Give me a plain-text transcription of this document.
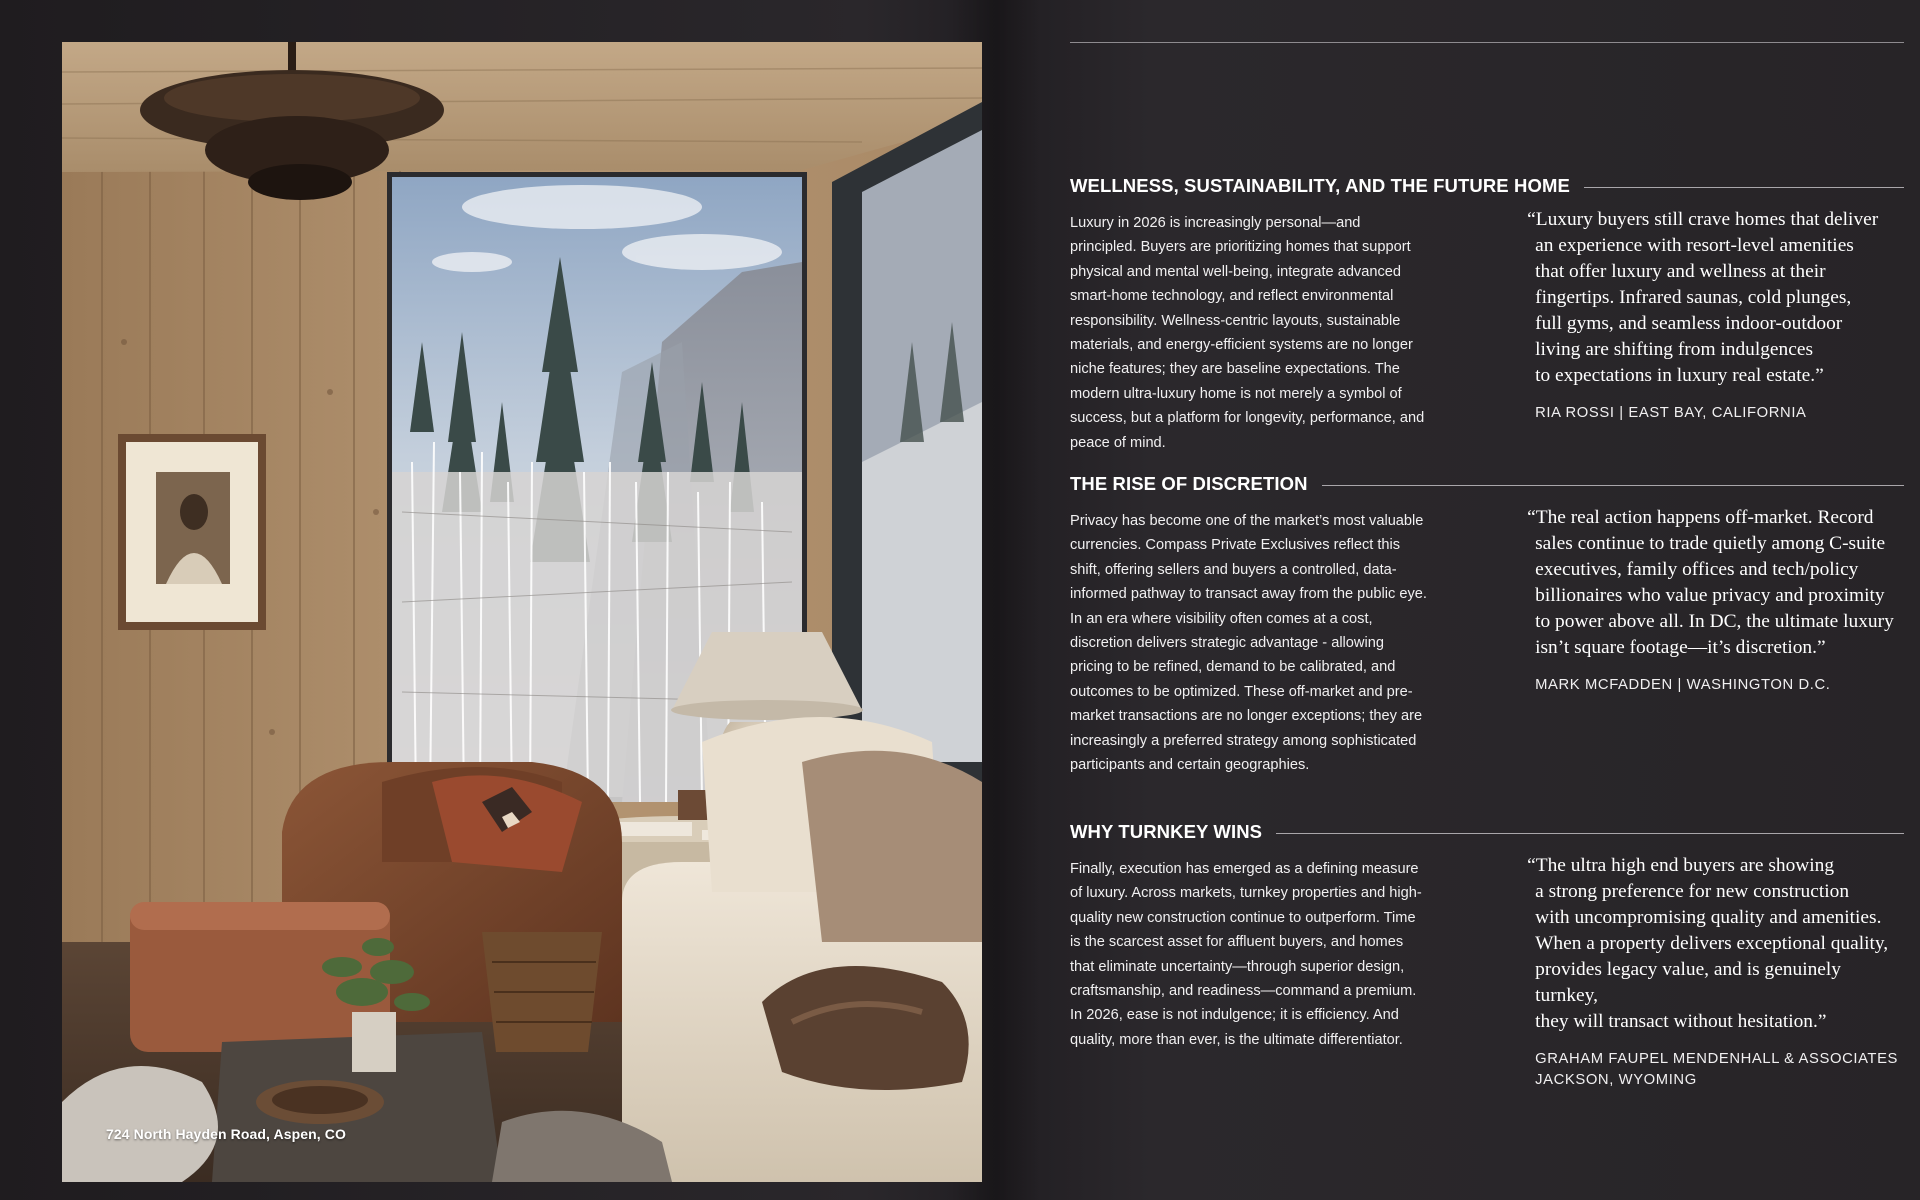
724 North Hayden Road, Aspen, CO
WELLNESS, SUSTAINABILITY, AND THE FUTURE HOME
Luxury in 2026 is increasingly personal—and principled. Buyers are prioritizing homes that support physical and mental well-being, integrate advanced smart-home technology, and reflect environmental responsibility. Wellness-centric layouts, sustainable materials, and energy-efficient systems are no longer niche features; they are baseline expectations. The modern ultra-luxury home is not merely a symbol of success, but a platform for longevity, performance, and peace of mind.
“Luxury buyers still crave homes that deliver
an experience with resort-level amenities
that offer luxury and wellness at their
fingertips. Infrared saunas, cold plunges,
full gyms, and seamless indoor-outdoor
living are shifting from indulgences
to expectations in luxury real estate.”
RIA ROSSI | EAST BAY, CALIFORNIA
THE RISE OF DISCRETION
Privacy has become one of the market’s most valuable currencies. Compass Private Exclusives reflect this shift, offering sellers and buyers a controlled, data-informed pathway to transact away from the public eye. In an era where visibility often comes at a cost, discretion delivers strategic advantage - allowing pricing to be refined, demand to be calibrated, and outcomes to be optimized. These off-market and pre-market transactions are no longer exceptions; they are increasingly a preferred strategy among sophisticated participants and certain geographies.
“The real action happens off-market. Record
sales continue to trade quietly among C-suite
executives, family offices and tech/policy
billionaires who value privacy and proximity
to power above all. In DC, the ultimate luxury
isn’t square footage—it’s discretion.”
MARK MCFADDEN | WASHINGTON D.C.
WHY TURNKEY WINS
Finally, execution has emerged as a defining measure of luxury. Across markets, turnkey properties and high-quality new construction continue to outperform. Time is the scarcest asset for affluent buyers, and homes that eliminate uncertainty—through superior design, craftsmanship, and readiness—command a premium. In 2026, ease is not indulgence; it is efficiency. And quality, more than ever, is the ultimate differentiator.
“The ultra high end buyers are showing
a strong preference for new construction
with uncompromising quality and amenities.
When a property delivers exceptional quality,
provides legacy value, and is genuinely turnkey,
they will transact without hesitation.”
GRAHAM FAUPEL MENDENHALL & ASSOCIATES
JACKSON, WYOMING
